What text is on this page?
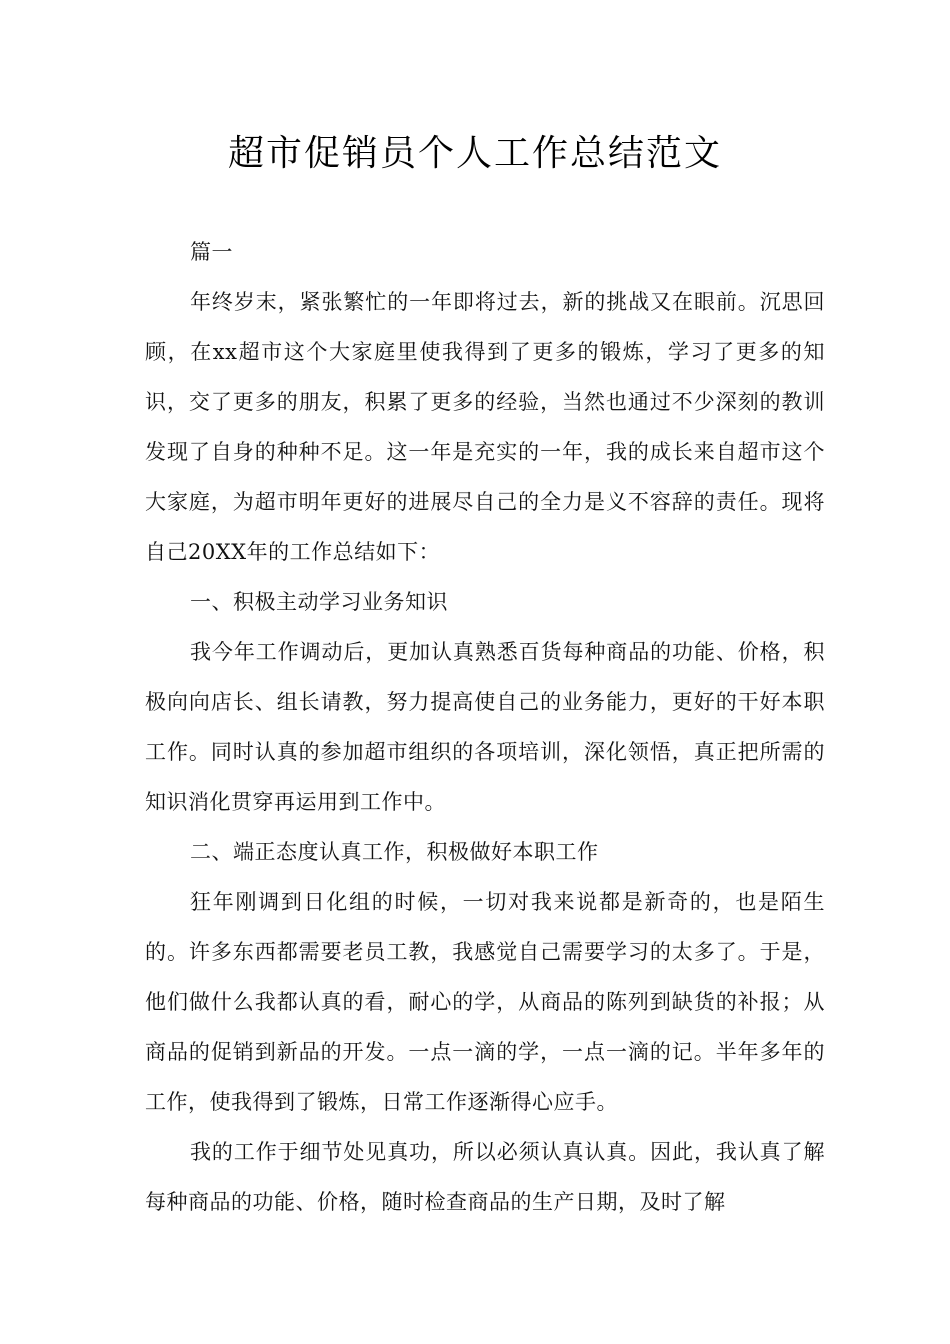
超市促销员个人工作总结范文

篇一

年终岁末，紧张繁忙的一年即将过去，新的挑战又在眼前。沉思回顾，在xx超市这个大家庭里使我得到了更多的锻炼，学习了更多的知识，交了更多的朋友，积累了更多的经验，当然也通过不少深刻的教训发现了自身的种种不足。这一年是充实的一年，我的成长来自超市这个大家庭，为超市明年更好的进展尽自己的全力是义不容辞的责任。现将自己20XX年的工作总结如下：

一、积极主动学习业务知识

我今年工作调动后，更加认真熟悉百货每种商品的功能、价格，积极向向店长、组长请教，努力提高使自己的业务能力，更好的干好本职工作。同时认真的参加超市组织的各项培训，深化领悟，真正把所需的知识消化贯穿再运用到工作中。

二、端正态度认真工作，积极做好本职工作

狂年刚调到日化组的时候，一切对我来说都是新奇的，也是陌生的。许多东西都需要老员工教，我感觉自己需要学习的太多了。于是，他们做什么我都认真的看，耐心的学，从商品的陈列到缺货的补报；从商品的促销到新品的开发。一点一滴的学，一点一滴的记。半年多年的工作，使我得到了锻炼，日常工作逐渐得心应手。

我的工作于细节处见真功，所以必须认真认真。因此，我认真了解每种商品的功能、价格，随时检查商品的生产日期，及时了解
